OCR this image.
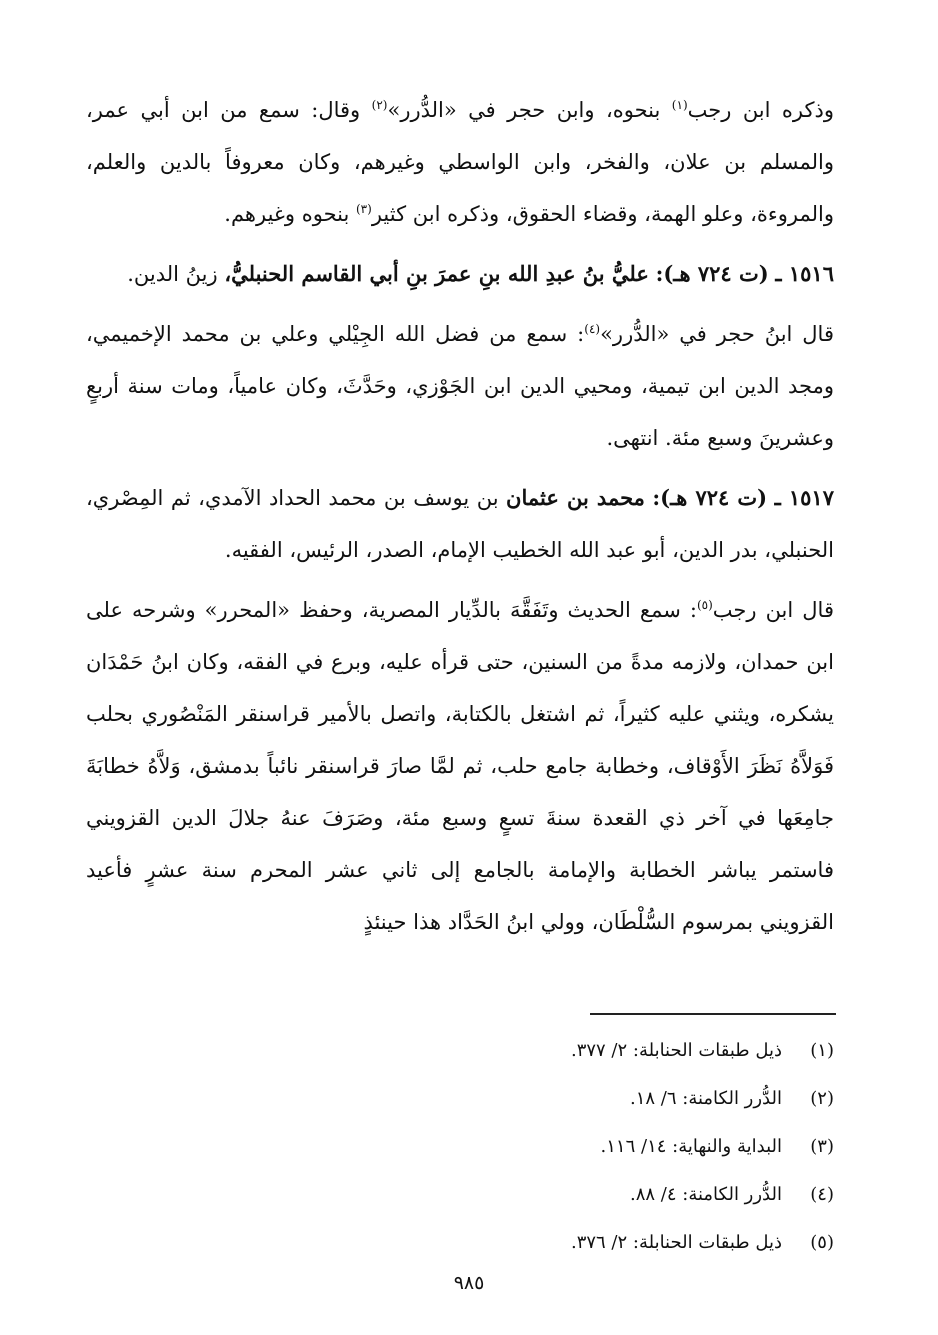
وذكره ابن رجب$^{(١)}$ بنحوه، وابن حجر في «الدُّرر»$^{(٢)}$ وقال: سمع من ابن أبي عمر، والمسلم بن علان، والفخر، وابن الواسطي وغيرهم، وكان معروفاً بالدين والعلم، والمروءة، وعلو الهمة، وقضاء الحقوق، وذكره ابن كثير$^{(٣)}$ بنحوه وغيرهم.

١٥١٦ ـ (ت ٧٢٤ هـ): عليُّ بنُ عبدِ الله بنِ عمرَ بنِ أبي القاسم الحنبليُّ، زينُ الدين.

قال ابنُ حجر في «الدُّرر»$^{(٤)}$: سمع من فضل الله الجِيْلي وعلي بن محمد الإخميمي، ومجد الدين ابن تيمية، ومحيي الدين ابن الجَوْزي، وحَدَّثَ، وكان عامياً، ومات سنة أربعٍ وعشرينَ وسبع مئة. انتهى.

١٥١٧ ـ (ت ٧٢٤ هـ): محمد بن عثمان بن يوسف بن محمد الحداد الآمدي، ثم المِصْري، الحنبلي، بدر الدين، أبو عبد الله الخطيب الإمام، الصدر، الرئيس، الفقيه.

قال ابن رجب$^{(٥)}$: سمع الحديث وتَفَقَّهَ بالدِّيار المصرية، وحفظ «المحرر» وشرحه على ابن حمدان، ولازمه مدةً من السنين، حتى قرأه عليه، وبرع في الفقه، وكان ابنُ حَمْدَان يشكره، ويثني عليه كثيراً، ثم اشتغل بالكتابة، واتصل بالأمير قراسنقر المَنْصُوري بحلب فَوَلاَّهُ نَظَرَ الأَوْقاف، وخطابة جامع حلب، ثم لمَّا صارَ قراسنقر نائباً بدمشق، وَلاَّهُ خطابَةَ جامِعَها في آخر ذي القعدة سنةَ تسعٍ وسبع مئة، وصَرَفَ عنهُ جلالَ الدين القزويني فاستمر يباشر الخطابة والإمامة بالجامع إلى ثاني عشر المحرم سنة عشرٍ فأعيد القزويني بمرسوم السُّلْطَان، وولي ابنُ الحَدَّاد هذا حينئذٍ

(١)
ذيل طبقات الحنابلة: ٢/ ٣٧٧.
(٢)
الدُّرر الكامنة: ٦/ ١٨.
(٣)
البداية والنهاية: ١٤/ ١١٦.
(٤)
الدُّرر الكامنة: ٤/ ٨٨.
(٥)
ذيل طبقات الحنابلة: ٢/ ٣٧٦.
٩٨٥
